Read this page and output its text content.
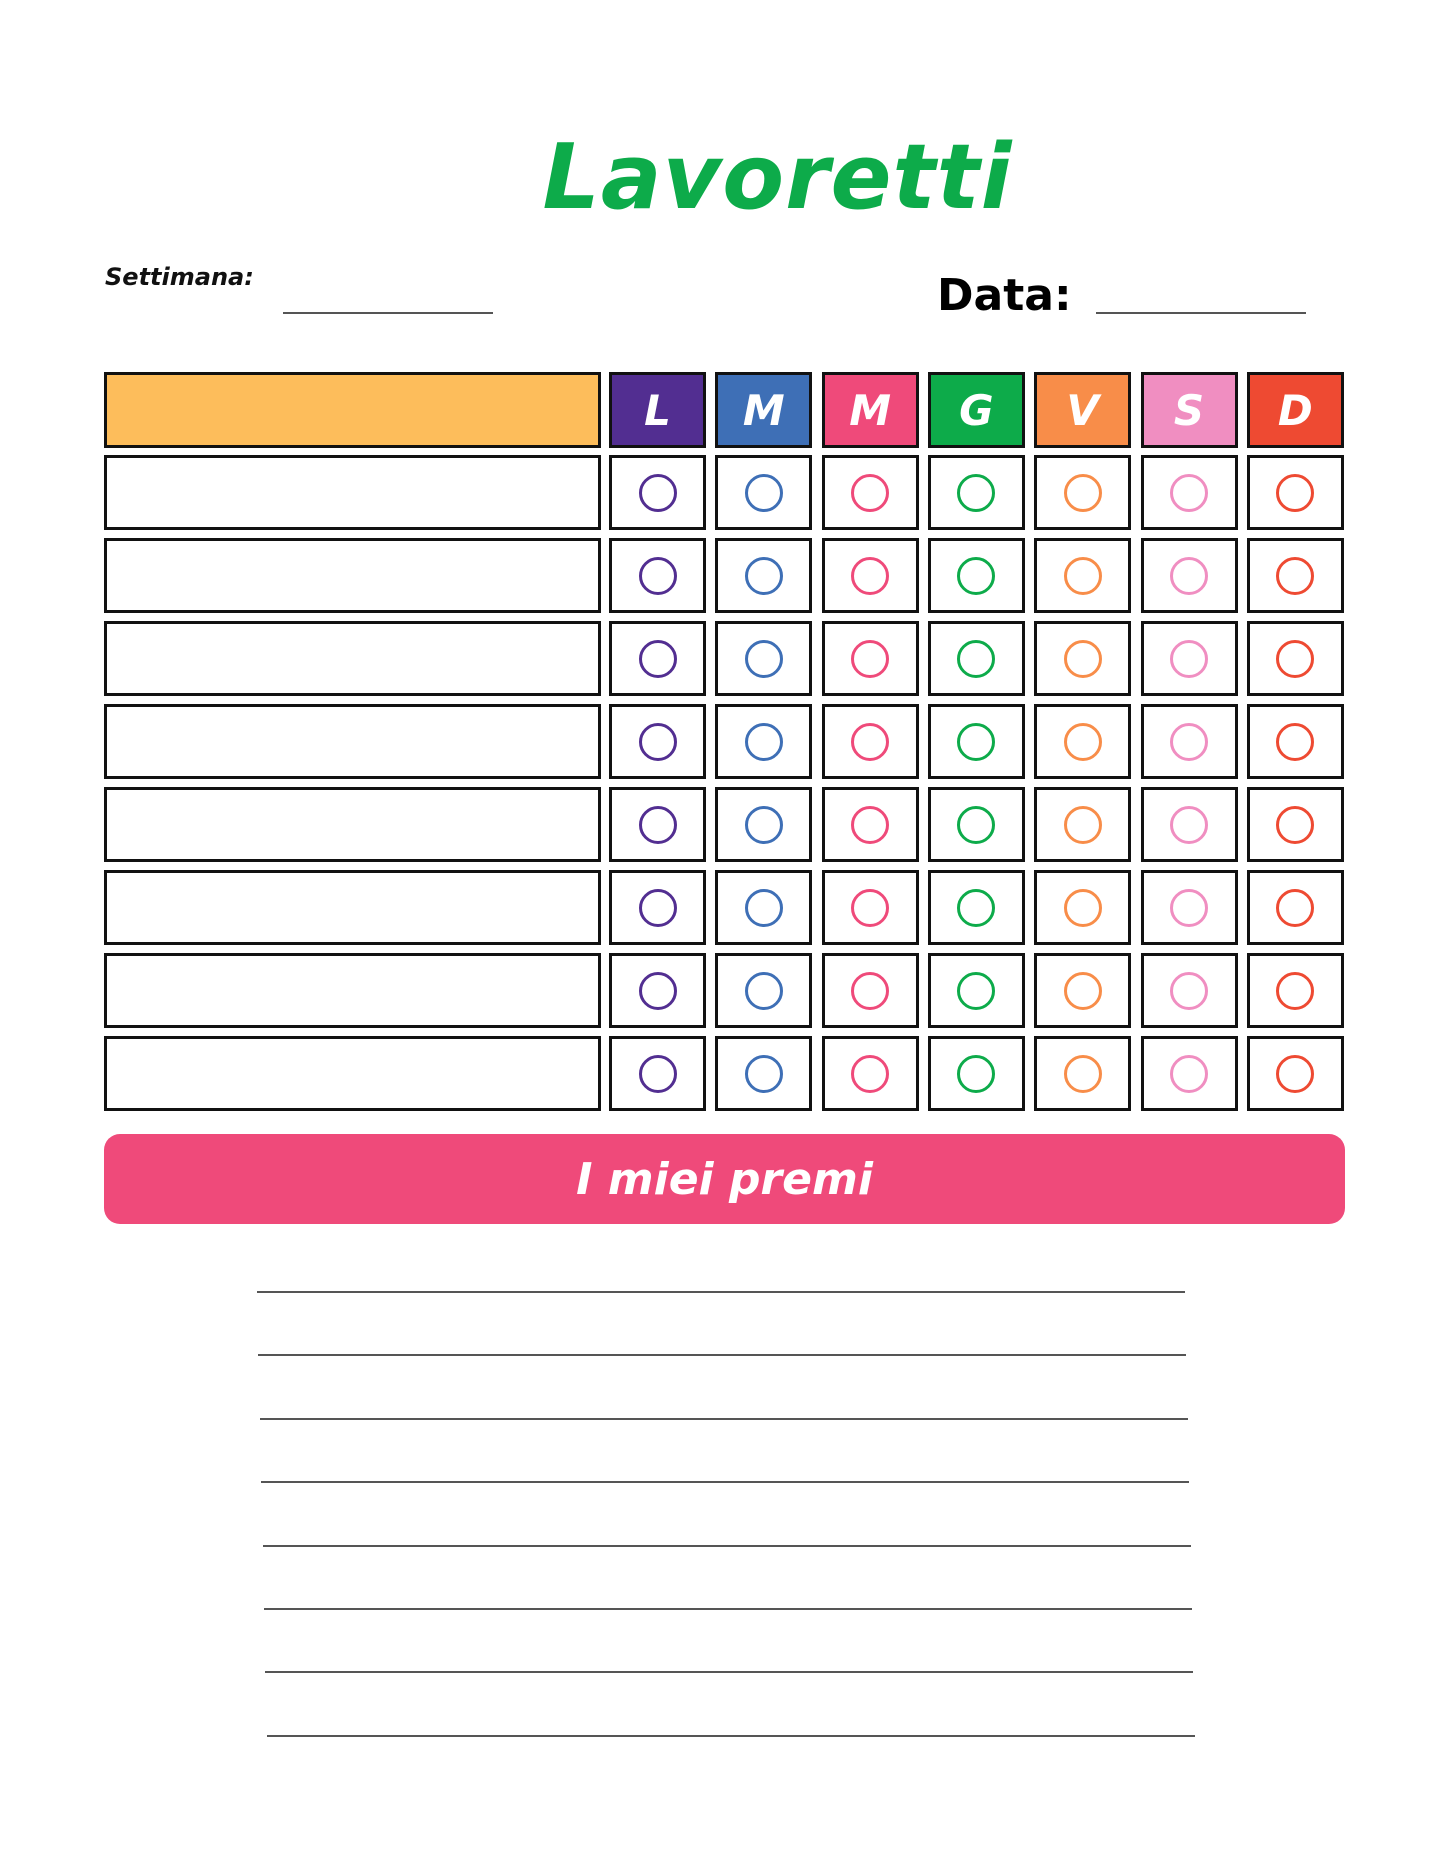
Lavoretti
Settimana:	Data:
L	M	M	G	V	S	D
I miei premi
